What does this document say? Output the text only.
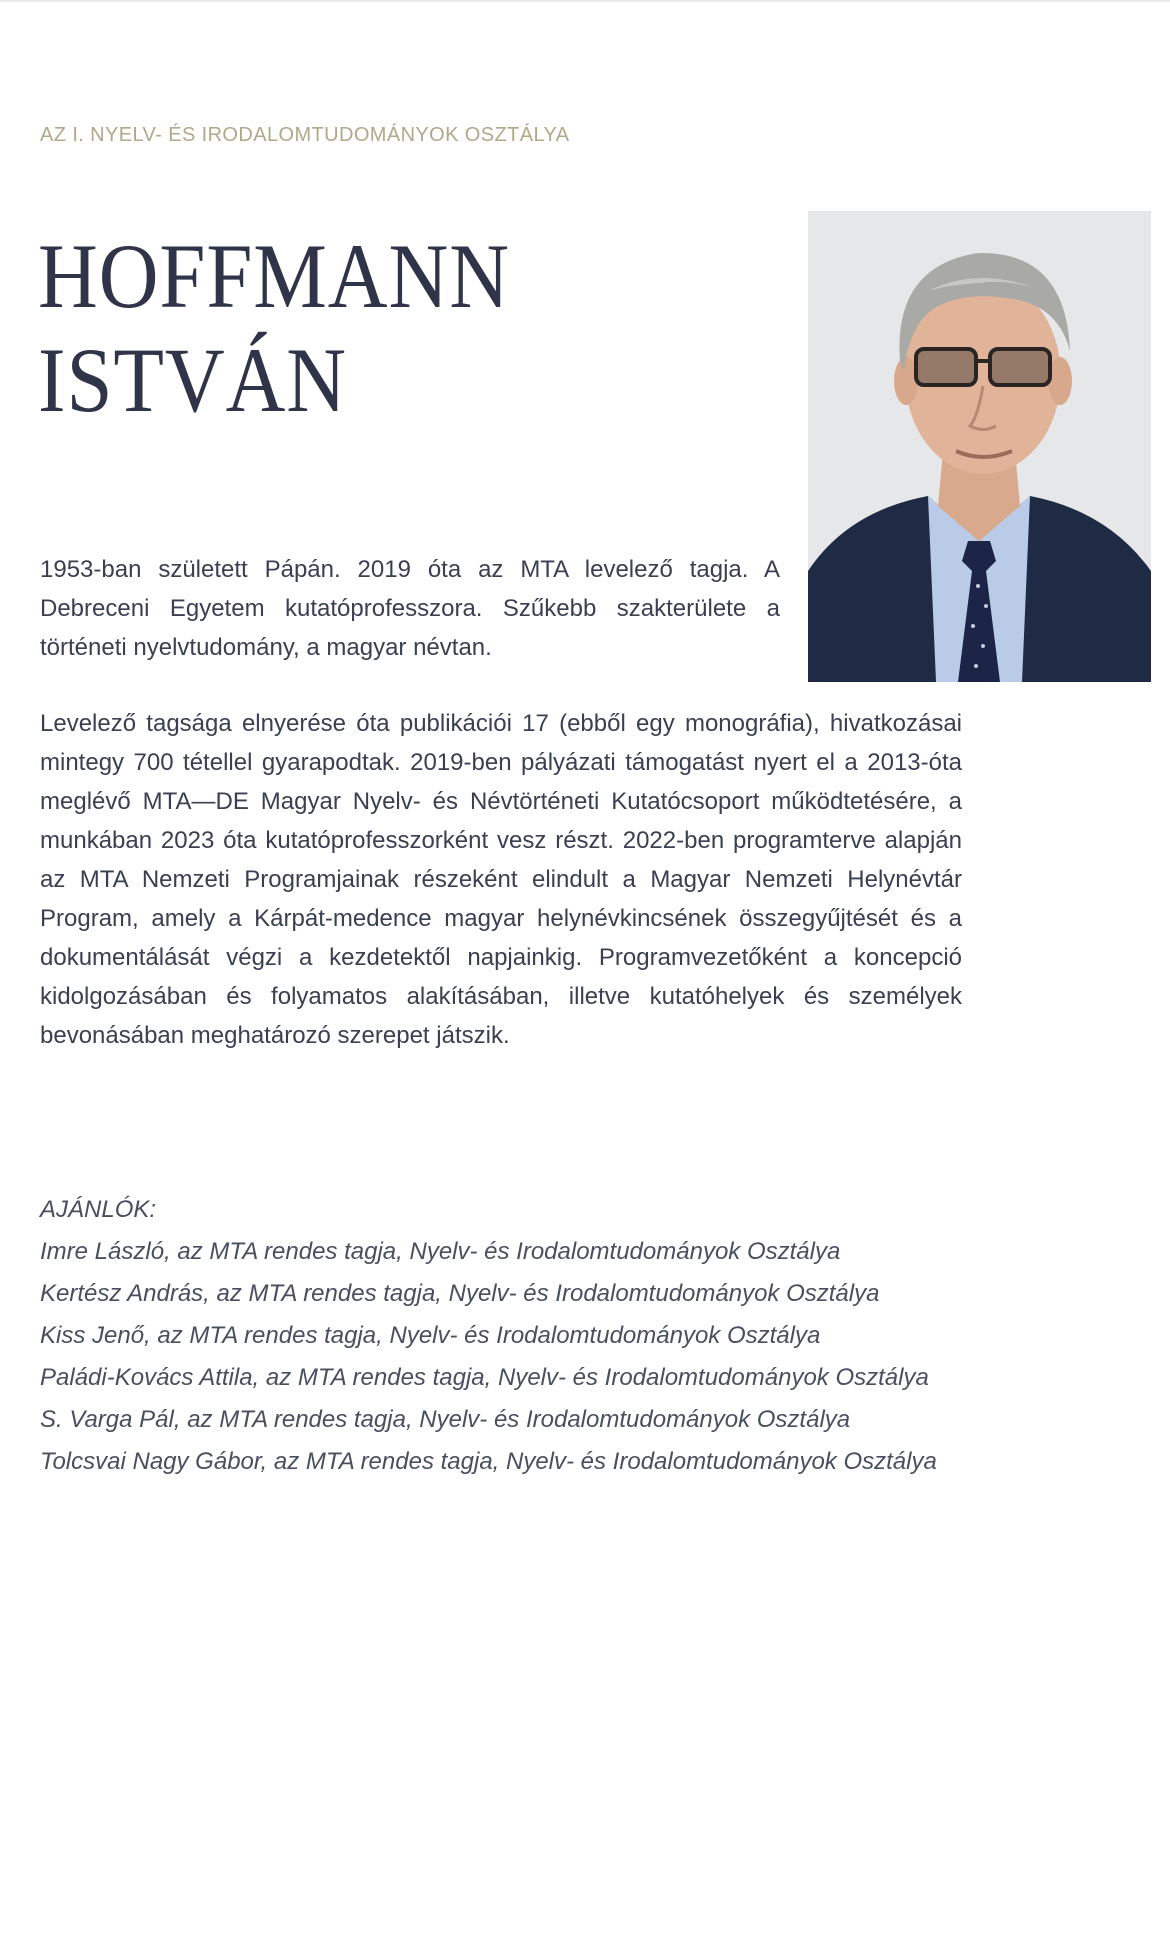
AZ I. NYELV- ÉS IRODALOMTUDOMÁNYOK OSZTÁLYA
HOFFMANN
ISTVÁN

1953-ban született Pápán. 2019 óta az MTA levelező tagja. A Debreceni Egyetem kutatóprofesszora. Szűkebb szakterülete a történeti nyelvtudomány, a magyar névtan.

Levelező tagsága elnyerése óta publikációi 17 (ebből egy monográfia), hivatkozásai mintegy 700 tétellel gyarapodtak. 2019-ben pályázati támogatást nyert el a 2013-óta meglévő MTA—DE Magyar Nyelv- és Névtörténeti Kutatócsoport működtetésére, a munkában 2023 óta kutatóprofesszorként vesz részt. 2022-ben programterve alapján az MTA Nemzeti Programjainak részeként elindult a Magyar Nemzeti Helynévtár Program, amely a Kárpát-medence magyar helynévkincsének összegyűjtését és a dokumentálását végzi a kezdetektől napjainkig. Programvezetőként a koncepció kidolgozásában és folyamatos alakításában, illetve kutatóhelyek és személyek bevonásában meghatározó szerepet játszik.

AJÁNLÓK:
Imre László, az MTA rendes tagja, Nyelv- és Irodalomtudományok Osztálya
Kertész András, az MTA rendes tagja, Nyelv- és Irodalomtudományok Osztálya
Kiss Jenő, az MTA rendes tagja, Nyelv- és Irodalomtudományok Osztálya
Paládi-Kovács Attila, az MTA rendes tagja, Nyelv- és Irodalomtudományok Osztálya
S. Varga Pál, az MTA rendes tagja, Nyelv- és Irodalomtudományok Osztálya
Tolcsvai Nagy Gábor, az MTA rendes tagja, Nyelv- és Irodalomtudományok Osztálya
